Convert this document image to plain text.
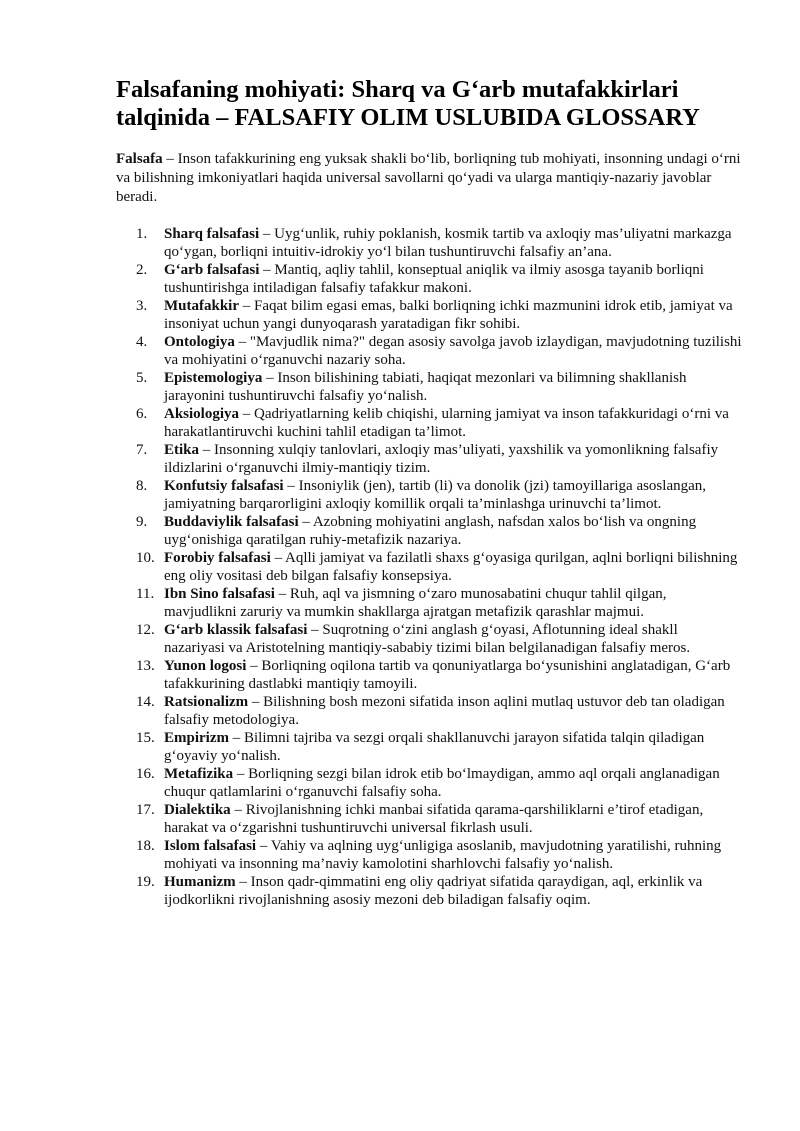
Falsafaning mohiyati: Sharq va G‘arb mutafakkirlari talqinida – FALSAFIY OLIM USLUBIDA GLOSSARY

Falsafa – Inson tafakkurining eng yuksak shakli bo‘lib, borliqning tub mohiyati, insonning undagi o‘rni va bilishning imkoniyatlari haqida universal savollarni qo‘yadi va ularga mantiqiy-nazariy javoblar beradi.

1. Sharq falsafasi – Uyg‘unlik, ruhiy poklanish, kosmik tartib va axloqiy mas’uliyatni markazga qo‘ygan, borliqni intuitiv-idrokiy yo‘l bilan tushuntiruvchi falsafiy an’ana.
2. G‘arb falsafasi – Mantiq, aqliy tahlil, konseptual aniqlik va ilmiy asosga tayanib borliqni tushuntirishga intiladigan falsafiy tafakkur makoni.
3. Mutafakkir – Faqat bilim egasi emas, balki borliqning ichki mazmunini idrok etib, jamiyat va insoniyat uchun yangi dunyoqarash yaratadigan fikr sohibi.
4. Ontologiya – "Mavjudlik nima?" degan asosiy savolga javob izlaydigan, mavjudotning tuzilishi va mohiyatini o‘rganuvchi nazariy soha.
5. Epistemologiya – Inson bilishining tabiati, haqiqat mezonlari va bilimning shakllanish jarayonini tushuntiruvchi falsafiy yo‘nalish.
6. Aksiologiya – Qadriyatlarning kelib chiqishi, ularning jamiyat va inson tafakkuridagi o‘rni va harakatlantiruvchi kuchini tahlil etadigan ta’limot.
7. Etika – Insonning xulqiy tanlovlari, axloqiy mas’uliyati, yaxshilik va yomonlikning falsafiy ildizlarini o‘rganuvchi ilmiy-mantiqiy tizim.
8. Konfutsiy falsafasi – Insoniylik (jen), tartib (li) va donolik (jzi) tamoyillariga asoslangan, jamiyatning barqarorligini axloqiy komillik orqali ta’minlashga urinuvchi ta’limot.
9. Buddaviylik falsafasi – Azobning mohiyatini anglash, nafsdan xalos bo‘lish va ongning uyg‘onishiga qaratilgan ruhiy-metafizik nazariya.
10. Forobiy falsafasi – Aqlli jamiyat va fazilatli shaxs g‘oyasiga qurilgan, aqlni borliqni bilishning eng oliy vositasi deb bilgan falsafiy konsepsiya.
11. Ibn Sino falsafasi – Ruh, aql va jismning o‘zaro munosabatini chuqur tahlil qilgan, mavjudlikni zaruriy va mumkin shakllarga ajratgan metafizik qarashlar majmui.
12. G‘arb klassik falsafasi – Suqrotning o‘zini anglash g‘oyasi, Aflotunning ideal shakll nazariyasi va Aristotelning mantiqiy-sababiy tizimi bilan belgilanadigan falsafiy meros.
13. Yunon logosi – Borliqning oqilona tartib va qonuniyatlarga bo‘ysunishini anglatadigan, G‘arb tafakkurining dastlabki mantiqiy tamoyili.
14. Ratsionalizm – Bilishning bosh mezoni sifatida inson aqlini mutlaq ustuvor deb tan oladigan falsafiy metodologiya.
15. Empirizm – Bilimni tajriba va sezgi orqali shakllanuvchi jarayon sifatida talqin qiladigan g‘oyaviy yo‘nalish.
16. Metafizika – Borliqning sezgi bilan idrok etib bo‘lmaydigan, ammo aql orqali anglanadigan chuqur qatlamlarini o‘rganuvchi falsafiy soha.
17. Dialektika – Rivojlanishning ichki manbai sifatida qarama-qarshiliklarni e’tirof etadigan, harakat va o‘zgarishni tushuntiruvchi universal fikrlash usuli.
18. Islom falsafasi – Vahiy va aqlning uyg‘unligiga asoslanib, mavjudotning yaratilishi, ruhning mohiyati va insonning ma’naviy kamolotini sharhlovchi falsafiy yo‘nalish.
19. Humanizm – Inson qadr-qimmatini eng oliy qadriyat sifatida qaraydigan, aql, erkinlik va ijodkorlikni rivojlanishning asosiy mezoni deb biladigan falsafiy oqim.
